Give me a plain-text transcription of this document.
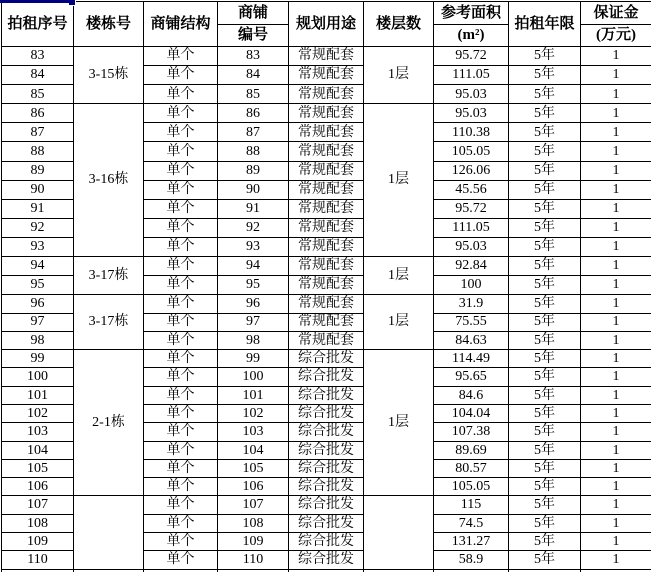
拍租序号	楼栋号	商铺结构	商铺	规划用途	楼层数	参考面积	拍租年限	保证金
			编号			(m²)		(万元)
83	3-15栋	单个	83	常规配套	1层	95.72	5年	1
84		单个	84	常规配套		111.05	5年	1
85		单个	85	常规配套		95.03	5年	1
86	3-16栋	单个	86	常规配套	1层	95.03	5年	1
87		单个	87	常规配套		110.38	5年	1
88		单个	88	常规配套		105.05	5年	1
89		单个	89	常规配套		126.06	5年	1
90		单个	90	常规配套		45.56	5年	1
91		单个	91	常规配套		95.72	5年	1
92		单个	92	常规配套		111.05	5年	1
93		单个	93	常规配套		95.03	5年	1
94	3-17栋	单个	94	常规配套	1层	92.84	5年	1
95		单个	95	常规配套		100	5年	1
96	3-17栋	单个	96	常规配套	1层	31.9	5年	1
97		单个	97	常规配套		75.55	5年	1
98		单个	98	常规配套		84.63	5年	1
99	2-1栋	单个	99	综合批发	1层	114.49	5年	1
100		单个	100	综合批发		95.65	5年	1
101		单个	101	综合批发		84.6	5年	1
102		单个	102	综合批发		104.04	5年	1
103		单个	103	综合批发		107.38	5年	1
104		单个	104	综合批发		89.69	5年	1
105		单个	105	综合批发		80.57	5年	1
106		单个	106	综合批发		105.05	5年	1
107		单个	107	综合批发		115	5年	1
108		单个	108	综合批发		74.5	5年	1
109		单个	109	综合批发		131.27	5年	1
110		单个	110	综合批发		58.9	5年	1
